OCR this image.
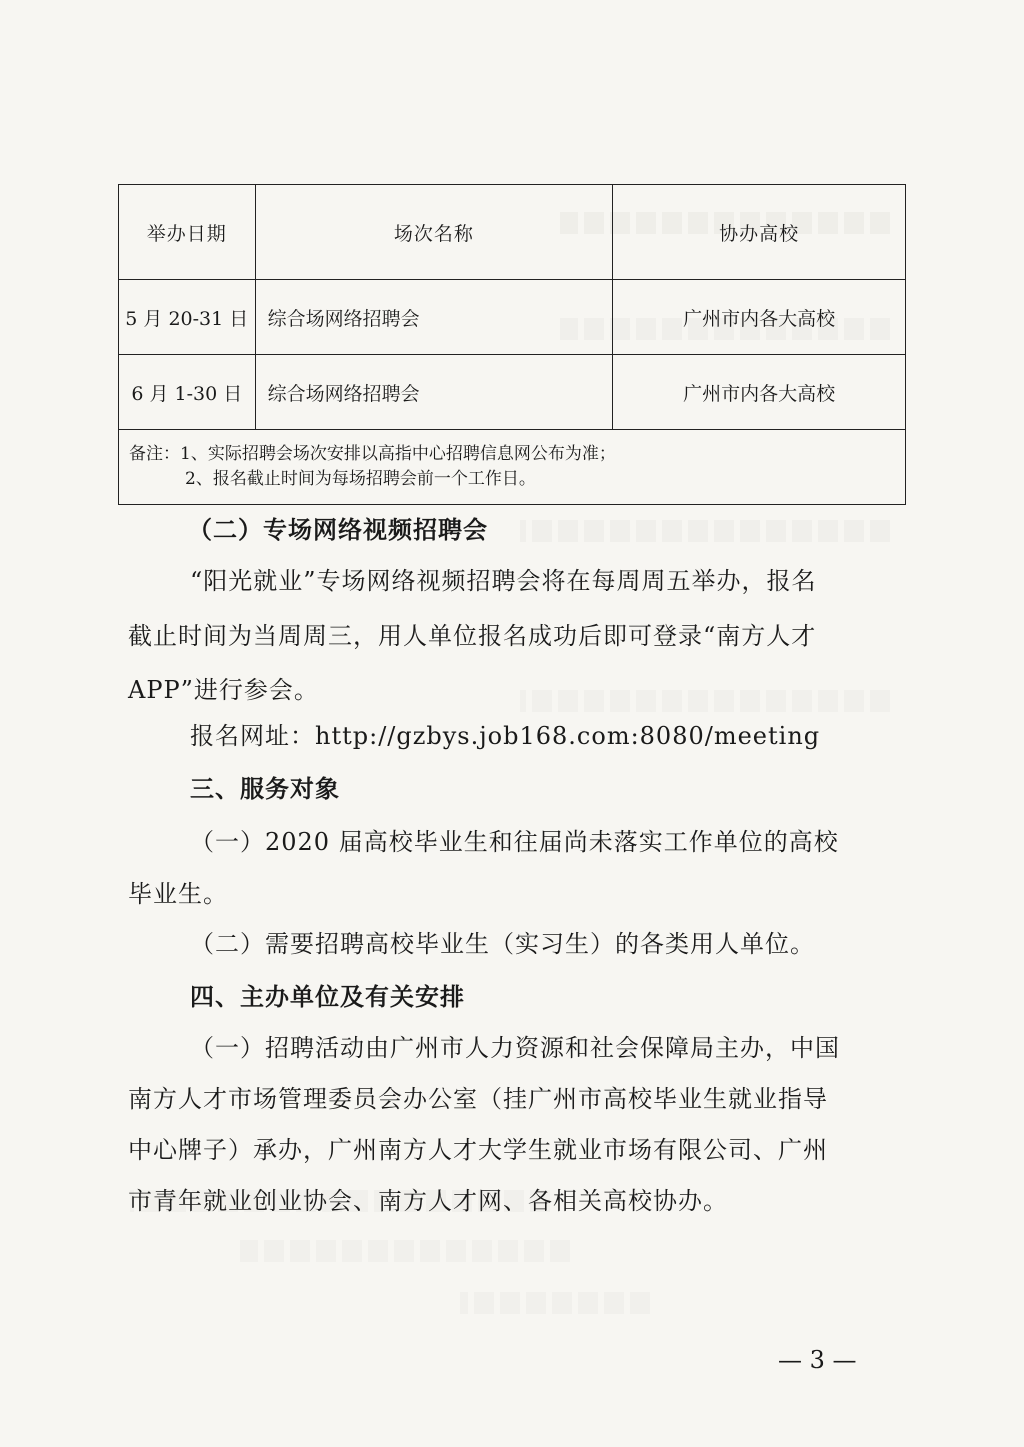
举办日期	场次名称	协办高校
5 月 20-31 日	综合场网络招聘会	广州市内各大高校
6 月 1-30 日	综合场网络招聘会	广州市内各大高校

备注：1、实际招聘会场次安排以高指中心招聘信息网公布为准；
2、报名截止时间为每场招聘会前一个工作日。		
（二）专场网络视频招聘会
“阳光就业”专场网络视频招聘会将在每周周五举办，报名
截止时间为当周周三，用人单位报名成功后即可登录“南方人才
APP”进行参会。
报名网址：http://gzbys.job168.com:8080/meeting
三、服务对象
（一）2020 届高校毕业生和往届尚未落实工作单位的高校
毕业生。
（二）需要招聘高校毕业生（实习生）的各类用人单位。
四、主办单位及有关安排
（一）招聘活动由广州市人力资源和社会保障局主办，中国
南方人才市场管理委员会办公室（挂广州市高校毕业生就业指导
中心牌子）承办，广州南方人才大学生就业市场有限公司、广州
市青年就业创业协会、南方人才网、各相关高校协办。
— 3 —
